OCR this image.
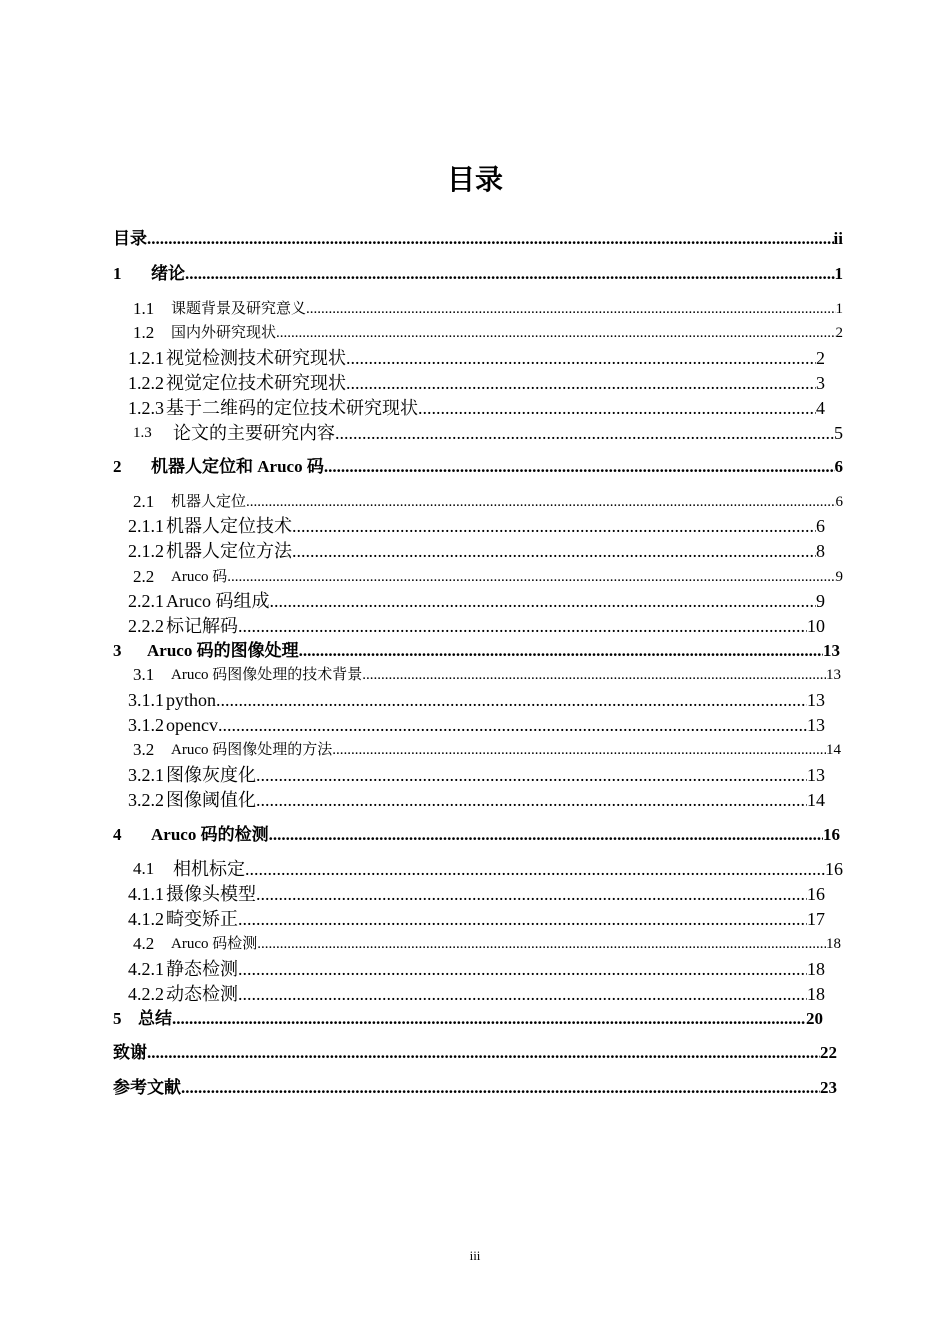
目录
目录 .....	ii
1	绪论 .....	1
1.1	课题背景及研究意义 .....	1
1.2	国内外研究现状 .....	2
1.2.1 视觉检测技术研究现状 .....	2
1.2.2 视觉定位技术研究现状 .....	3
1.2.3 基于二维码的定位技术研究现状 .....	4
1.3	论文的主要研究内容 .....	5
2	机器人定位和 Aruco 码 .....	6
2.1	机器人定位 .....	6
2.1.1 机器人定位技术 .....	6
2.1.2 机器人定位方法 .....	8
2.2	Aruco 码 .....	9
2.2.1 Aruco 码组成 .....	9
2.2.2 标记解码 .....	10
3	Aruco 码的图像处理 .....	13
3.1	Aruco 码图像处理的技术背景 .....	13
3.1.1 python .....	13
3.1.2 opencv .....	13
3.2	Aruco 码图像处理的方法 .....	14
3.2.1 图像灰度化 .....	13
3.2.2 图像阈值化 .....	14
4	Aruco 码的检测 .....	16
4.1	相机标定 .....	16
4.1.1 摄像头模型 .....	16
4.1.2 畸变矫正 .....	17
4.2	Aruco 码检测 .....	18
4.2.1 静态检测 .....	18
4.2.2 动态检测 .....	18
5 总结 .....	20
致谢 .....	22
参考文献 .....	23
iii
